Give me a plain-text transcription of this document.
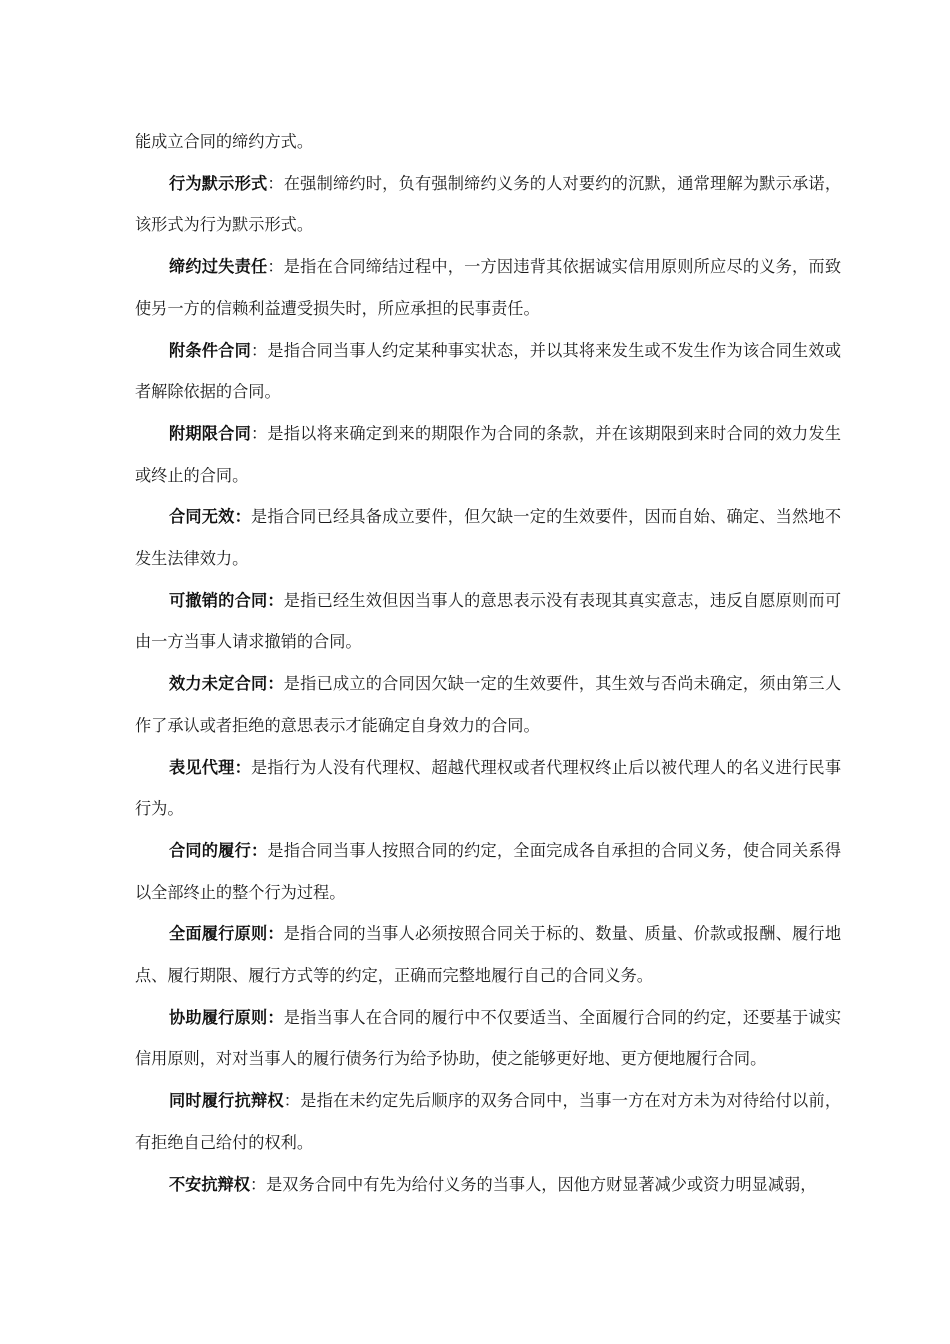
能成立合同的缔约方式。

行为默示形式：在强制缔约时，负有强制缔约义务的人对要约的沉默，通常理解为默示承诺，该形式为行为默示形式。

缔约过失责任：是指在合同缔结过程中，一方因违背其依据诚实信用原则所应尽的义务，而致使另一方的信赖利益遭受损失时，所应承担的民事责任。

附条件合同：是指合同当事人约定某种事实状态，并以其将来发生或不发生作为该合同生效或者解除依据的合同。

附期限合同：是指以将来确定到来的期限作为合同的条款，并在该期限到来时合同的效力发生或终止的合同。

合同无效：是指合同已经具备成立要件，但欠缺一定的生效要件，因而自始、确定、当然地不发生法律效力。

可撤销的合同：是指已经生效但因当事人的意思表示没有表现其真实意志，违反自愿原则而可由一方当事人请求撤销的合同。

效力未定合同：是指已成立的合同因欠缺一定的生效要件，其生效与否尚未确定，须由第三人作了承认或者拒绝的意思表示才能确定自身效力的合同。

表见代理：是指行为人没有代理权、超越代理权或者代理权终止后以被代理人的名义进行民事行为。

合同的履行：是指合同当事人按照合同的约定，全面完成各自承担的合同义务，使合同关系得以全部终止的整个行为过程。

全面履行原则：是指合同的当事人必须按照合同关于标的、数量、质量、价款或报酬、履行地点、履行期限、履行方式等的约定，正确而完整地履行自己的合同义务。

协助履行原则：是指当事人在合同的履行中不仅要适当、全面履行合同的约定，还要基于诚实信用原则，对对当事人的履行债务行为给予协助，使之能够更好地、更方便地履行合同。

同时履行抗辩权：是指在未约定先后顺序的双务合同中，当事一方在对方未为对待给付以前，有拒绝自己给付的权利。

不安抗辩权：是双务合同中有先为给付义务的当事人，因他方财显著减少或资力明显减弱，
